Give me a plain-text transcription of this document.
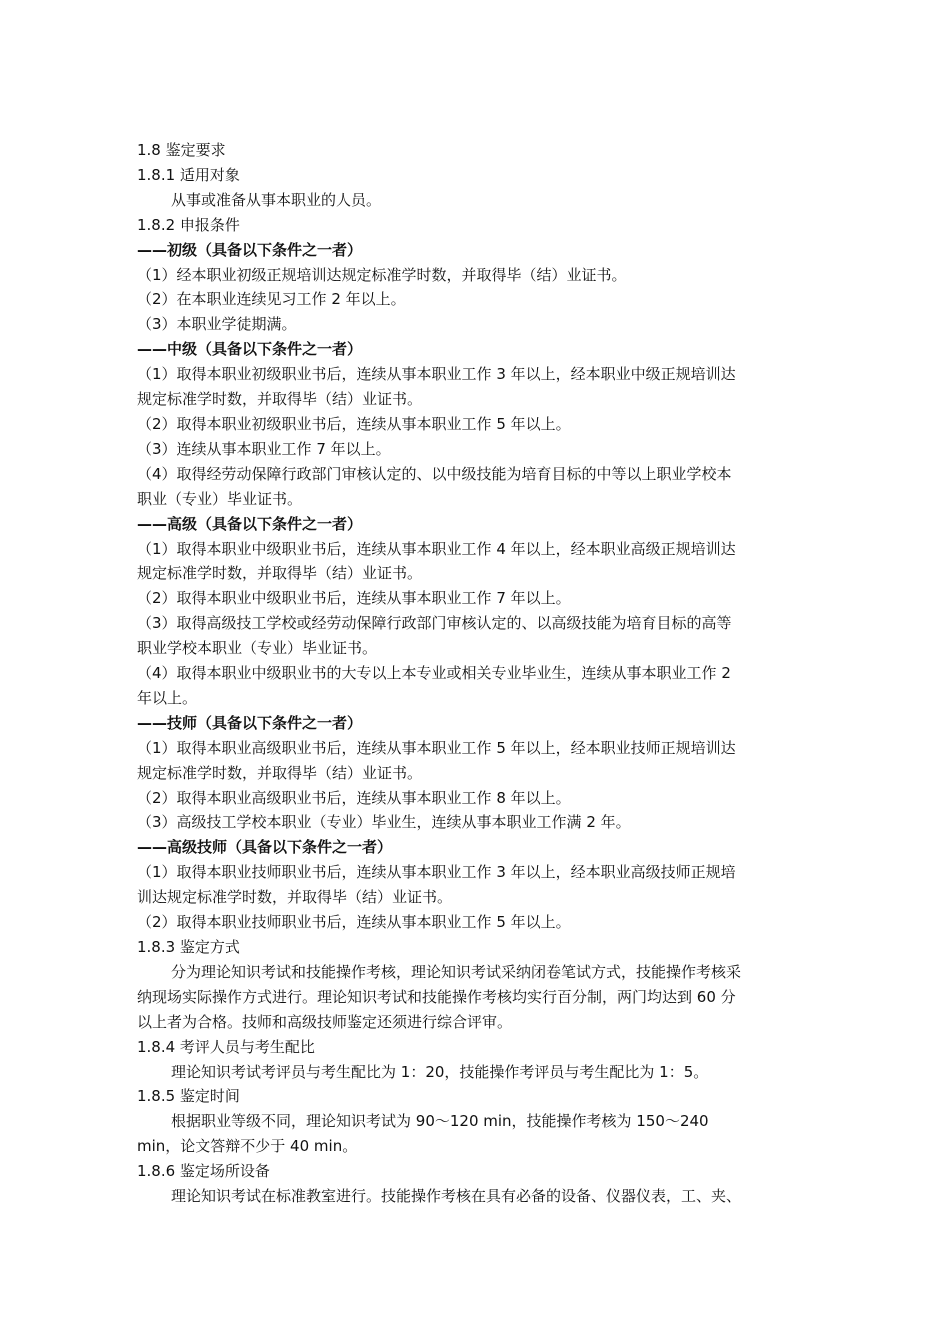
1.8 鉴定要求
1.8.1 适用对象
从事或准备从事本职业的人员。
1.8.2 申报条件
——初级（具备以下条件之一者）
（1）经本职业初级正规培训达规定标准学时数，并取得毕（结）业证书。
（2）在本职业连续见习工作 2 年以上。
（3）本职业学徒期满。
——中级（具备以下条件之一者）
（1）取得本职业初级职业书后，连续从事本职业工作 3 年以上，经本职业中级正规培训达
规定标准学时数，并取得毕（结）业证书。
（2）取得本职业初级职业书后，连续从事本职业工作 5 年以上。
（3）连续从事本职业工作 7 年以上。
（4）取得经劳动保障行政部门审核认定的、以中级技能为培育目标的中等以上职业学校本
职业（专业）毕业证书。
——高级（具备以下条件之一者）
（1）取得本职业中级职业书后，连续从事本职业工作 4 年以上，经本职业高级正规培训达
规定标准学时数，并取得毕（结）业证书。
（2）取得本职业中级职业书后，连续从事本职业工作 7 年以上。
（3）取得高级技工学校或经劳动保障行政部门审核认定的、以高级技能为培育目标的高等
职业学校本职业（专业）毕业证书。
（4）取得本职业中级职业书的大专以上本专业或相关专业毕业生，连续从事本职业工作 2
年以上。
——技师（具备以下条件之一者）
（1）取得本职业高级职业书后，连续从事本职业工作 5 年以上，经本职业技师正规培训达
规定标准学时数，并取得毕（结）业证书。
（2）取得本职业高级职业书后，连续从事本职业工作 8 年以上。
（3）高级技工学校本职业（专业）毕业生，连续从事本职业工作满 2 年。
——高级技师（具备以下条件之一者）
（1）取得本职业技师职业书后，连续从事本职业工作 3 年以上，经本职业高级技师正规培
训达规定标准学时数，并取得毕（结）业证书。
（2）取得本职业技师职业书后，连续从事本职业工作 5 年以上。
1.8.3 鉴定方式
分为理论知识考试和技能操作考核，理论知识考试采纳闭卷笔试方式，技能操作考核采
纳现场实际操作方式进行。理论知识考试和技能操作考核均实行百分制，两门均达到 60 分
以上者为合格。技师和高级技师鉴定还须进行综合评审。
1.8.4 考评人员与考生配比
理论知识考试考评员与考生配比为 1：20，技能操作考评员与考生配比为 1：5。
1.8.5 鉴定时间
根据职业等级不同，理论知识考试为 90～120 min，技能操作考核为 150～240
min，论文答辩不少于 40 min。
1.8.6 鉴定场所设备
理论知识考试在标准教室进行。技能操作考核在具有必备的设备、仪器仪表，工、夹、
